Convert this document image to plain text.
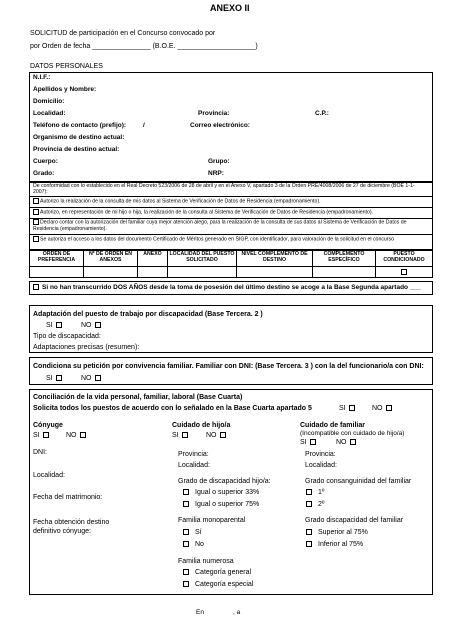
ANEXO II
SOLICITUD de participación en el Concurso convocado por
por Orden de fecha _______________ (B.O.E. ____________________)
DATOS PERSONALES
N.I.F.:
Apellidos y Nombre:
Domicilio:
Localidad:	Provincia:	C.P.:
Teléfono de contacto (prefijo):	/	Correo electrónico:
Organismo de destino actual:
Provincia de destino actual:
Cuerpo:	Grupo:
Grado:	NRP:
De conformidad con lo establecido en el Real Decreto 523/2006 de 28 de abril y en el Anexo V, apartado 3 de la Orden PRE/4008/2006 de 27 de diciembre (BOE 1-1-2007):
Autorizo la realización de la consulta de mis datos al Sistema de Verificación de Datos de Residencia (empadronamiento).
Autorizo, en representación de mi hijo o hija, la realización de la consulta al Sistema de Verificación de Datos de Residencia (empadronamiento).
Declaro contar con la autorización del familiar cuya mejor atención alego, para la realización de la consulta de sus datos al Sistema de Verificación de Datos de Residencia (empadronamiento).
Se autoriza el acceso a los datos del documento Certificado de Méritos generado en SIGP, con identificador, para valoración de la solicitud en el concurso
ORDEN DE PREFERENCIA	Nº DE ORDEN EN ANEXOS	ANEXO	LOCALIDAD DEL PUESTO SOLICITADO	NIVEL COMPLEMENTO DE DESTINO	COMPLEMENTO ESPECÍFICO	PUESTO CONDICIONADO

Si no han transcurrido DOS AÑOS desde la toma de posesión del último destino se acoge a la Base Segunda apartado ___
Adaptación del puesto de trabajo por discapacidad (Base Tercera. 2 )
SI	NO
Tipo de discapacidad:
Adaptaciones precisas (resumen):
Condiciona su petición por convivencia familiar. Familiar con DNI: (Base Tercera. 3 ) con la del funcionario/a con DNI:
SI	NO
Conciliación de la vida personal, familiar, laboral (Base Cuarta)
Solicita todos los puestos de acuerdo con lo señalado en la Base Cuarta apartado 5	SI	NO
Cónyuge
SI	NO
DNI:
Localidad:
Fecha del matrimonio:
Fecha obtención destino
definitivo cónyuge:
Cuidado de hijo/a
SI	NO
Provincia:
Localidad:
Grado de discapacidad hijo/a:
Igual o superior 33%
Igual o superior 75%
Familia monoparental
Sí
No
Familia numerosa
Categoría general
Categoría especial
Cuidado de familiar
(Incompatible con cuidado de hijo/a)
SI	NO
Provincia:
Localidad:
Grado consanguinidad del familiar
1º
2º
Grado discapacidad del familiar
Superior al 75%
Inferior al 75%
En	, a
